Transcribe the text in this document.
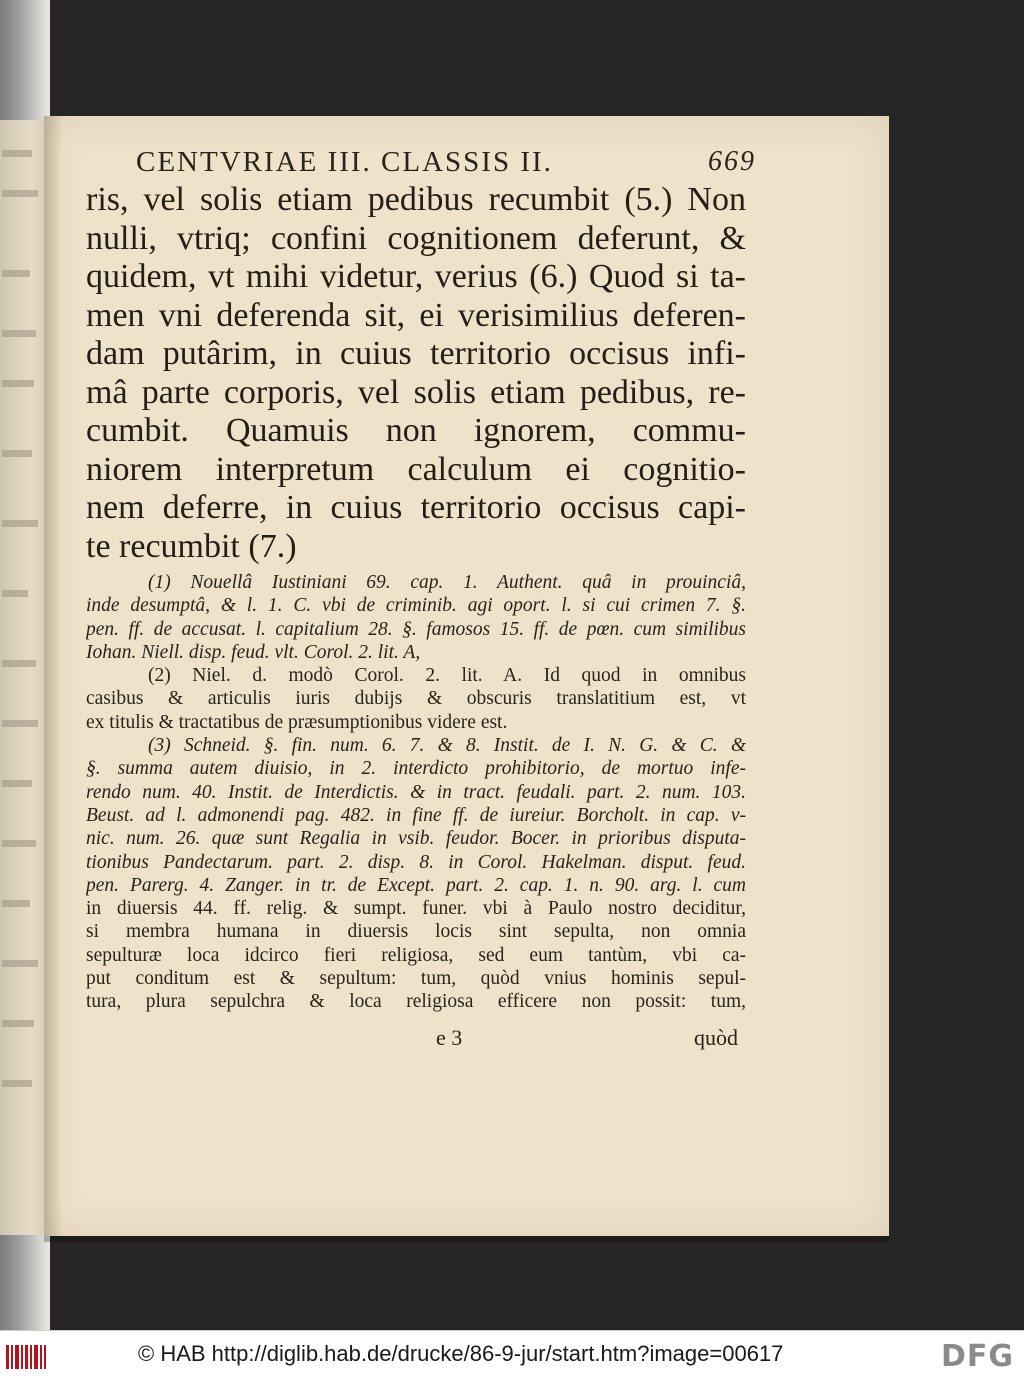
CENTVRIAE III. CLASSIS II.	669
ris, vel solis etiam pedibus recumbit (5.) Non
nulli, vtriq; confini cognitionem deferunt, &
quidem, vt mihi videtur, verius (6.) Quod si ta-
men vni deferenda sit, ei verisimilius deferen-
dam putârim, in cuius territorio occisus infi-
mâ parte corporis, vel solis etiam pedibus, re-
cumbit. Quamuis non ignorem, commu-
niorem interpretum calculum ei cognitio-
nem deferre, in cuius territorio occisus capi-
te recumbit (7.)
(1) Nouellâ Iustiniani 69. cap. 1. Authent. quâ in prouinciâ,
inde desumptâ, & l. 1. C. vbi de criminib. agi oport. l. si cui crimen 7. §.
pen. ff. de accusat. l. capitalium 28. §. famosos 15. ff. de pœn. cum similibus
Iohan. Niell. disp. feud. vlt. Corol. 2. lit. A,
(2) Niel. d. modò Corol. 2. lit. A. Id quod in omnibus
casibus & articulis iuris dubijs & obscuris translatitium est, vt
ex titulis & tractatibus de præsumptionibus videre est.
(3) Schneid. §. fin. num. 6. 7. & 8. Instit. de I. N. G. & C. &
§. summa autem diuisio, in 2. interdicto prohibitorio, de mortuo infe-
rendo num. 40. Instit. de Interdictis. & in tract. feudali. part. 2. num. 103.
Beust. ad l. admonendi pag. 482. in fine ff. de iureiur. Borcholt. in cap. v-
nic. num. 26. quæ sunt Regalia in vsib. feudor. Bocer. in prioribus disputa-
tionibus Pandectarum. part. 2. disp. 8. in Corol. Hakelman. disput. feud.
pen. Parerg. 4. Zanger. in tr. de Except. part. 2. cap. 1. n. 90. arg. l. cum
in diuersis 44. ff. relig. & sumpt. funer. vbi à Paulo nostro deciditur,
si membra humana in diuersis locis sint sepulta, non omnia
sepulturæ loca idcirco fieri religiosa, sed eum tantùm, vbi ca-
put conditum est & sepultum: tum, quòd vnius hominis sepul-
tura, plura sepulchra & loca religiosa efficere non possit: tum,
e 3	quòd
© HAB http://diglib.hab.de/drucke/86-9-jur/start.htm?image=00617	DFG
